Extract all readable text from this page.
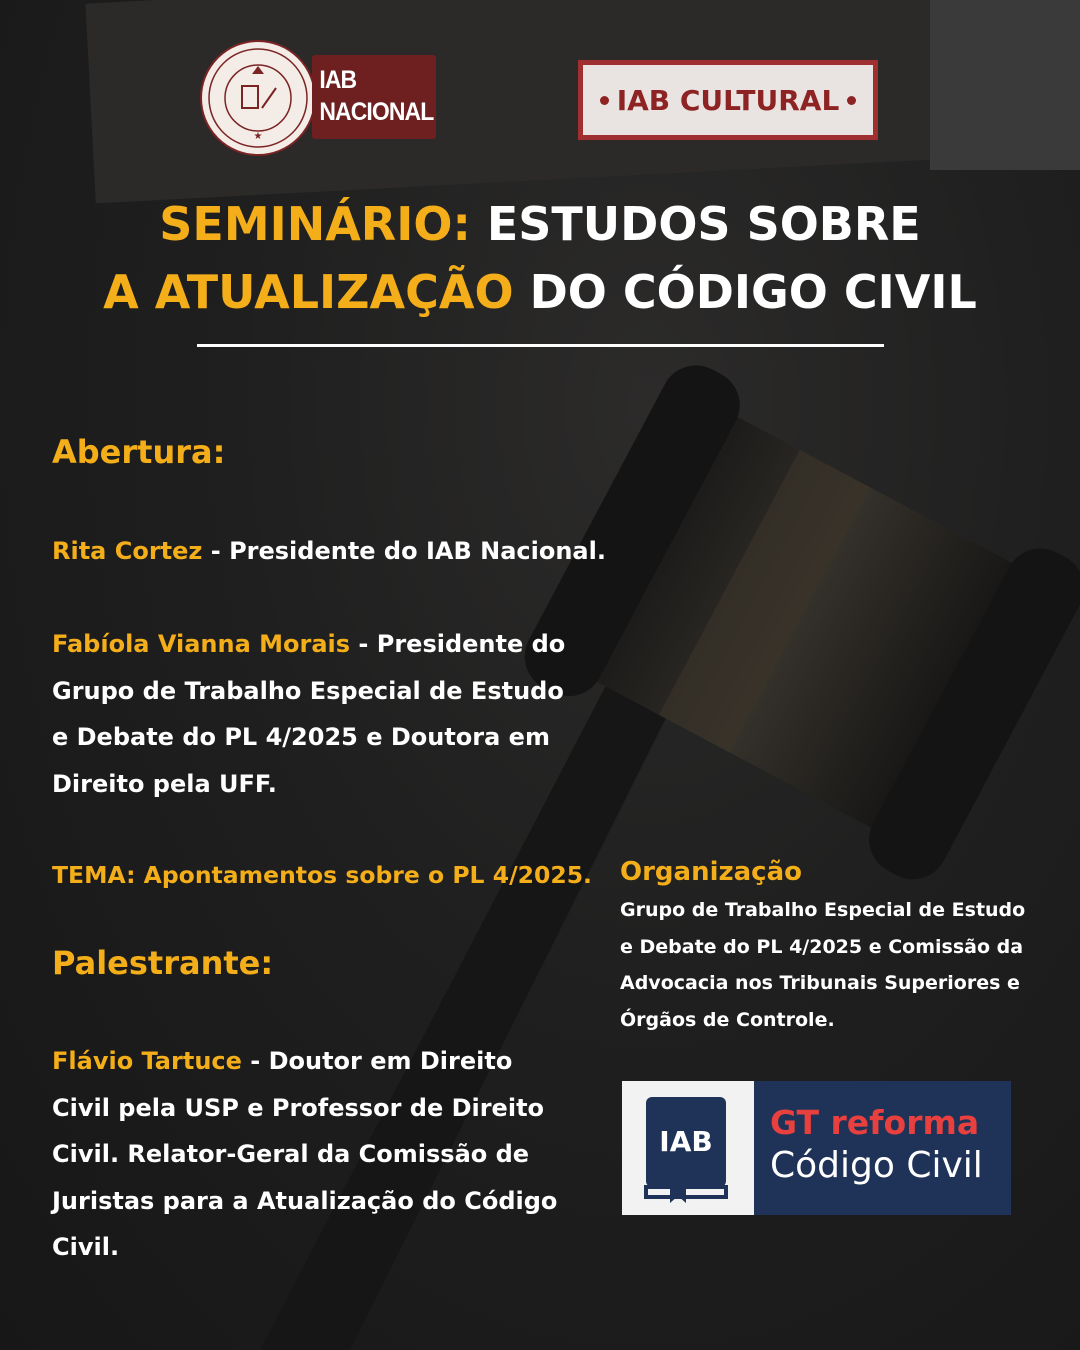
★
IAB
NACIONAL	IAB CULTURAL
SEMINÁRIO: ESTUDOS SOBRE
A ATUALIZAÇÃO DO CÓDIGO CIVIL
Abertura:
Rita Cortez - Presidente do IAB Nacional.
Fabíola Vianna Morais - Presidente do Grupo de Trabalho Especial de Estudo e Debate do PL 4/2025 e Doutora em Direito pela UFF.
TEMA: Apontamentos sobre o PL 4/2025.
Palestrante:
Flávio Tartuce - Doutor em Direito Civil pela USP e Professor de Direito Civil. Relator-Geral da Comissão de Juristas para a Atualização do Código Civil.
Organização
Grupo de Trabalho Especial de Estudo e Debate do PL 4/2025 e Comissão da Advocacia nos Tribunais Superiores e Órgãos de Controle.
IAB GT reforma
Código Civil
